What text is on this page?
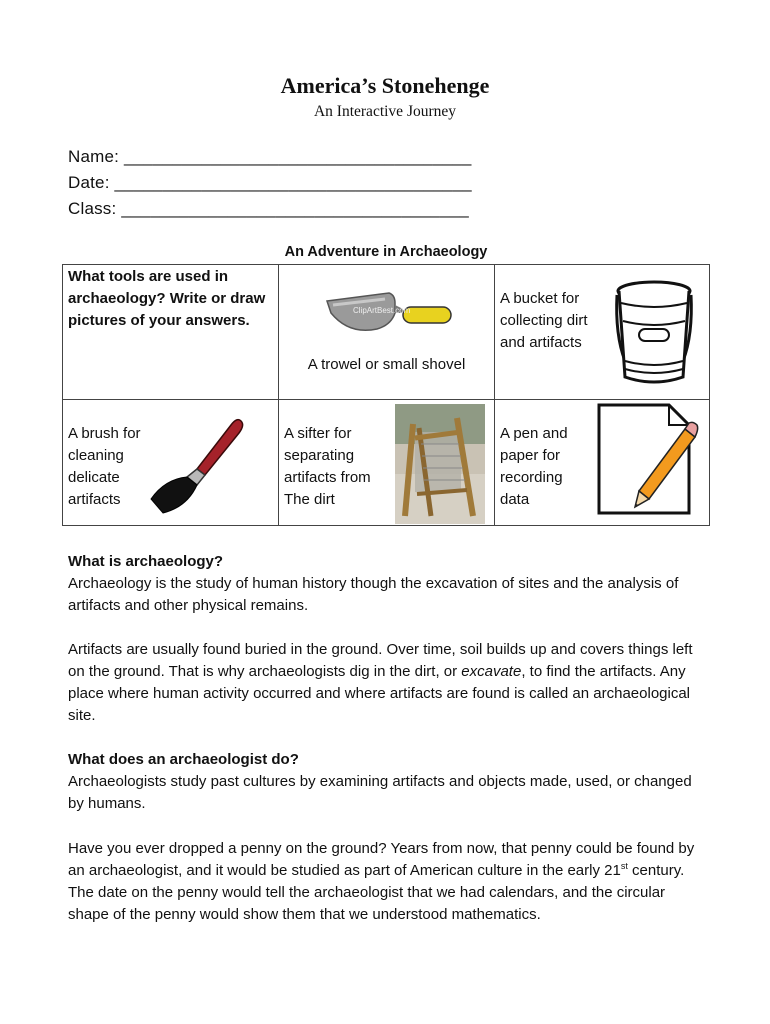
America’s Stonehenge
An Interactive Journey
Name: ____________________________________
Date: _____________________________________
Class: ____________________________________
An Adventure in Archaeology
What tools are used in archaeology? Write or draw pictures of your answers.
ClipArtBest.com
A trowel or small shovel
A bucket for collecting dirt and artifacts
A brush for cleaning delicate artifacts
A sifter for separating artifacts from The dirt
A pen and paper for recording data
What is archaeology?
Archaeology is the study of human history though the excavation of sites and the analysis of artifacts and other physical remains.
Artifacts are usually found buried in the ground. Over time, soil builds up and covers things left on the ground. That is why archaeologists dig in the dirt, or excavate, to find the artifacts. Any place where human activity occurred and where artifacts are found is called an archaeological site.
What does an archaeologist do?
Archaeologists study past cultures by examining artifacts and objects made, used, or changed by humans.
Have you ever dropped a penny on the ground? Years from now, that penny could be found by an archaeologist, and it would be studied as part of American culture in the early 21st century. The date on the penny would tell the archaeologist that we had calendars, and the circular shape of the penny would show them that we understood mathematics.
